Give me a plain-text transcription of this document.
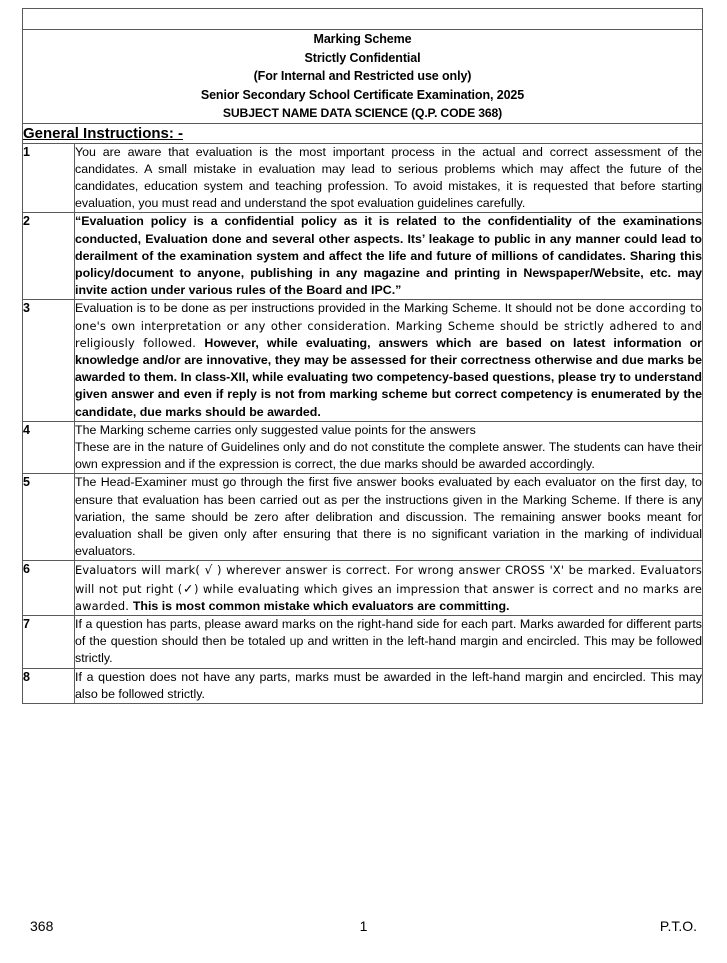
Marking Scheme
Strictly Confidential
(For Internal and Restricted use only)
Senior Secondary School Certificate Examination, 2025
SUBJECT NAME DATA SCIENCE (Q.P. CODE 368)	

General Instructions: -	
1	You are aware that evaluation is the most important process in the actual and correct assessment of the candidates. A small mistake in evaluation may lead to serious problems which may affect the future of the candidates, education system and teaching profession. To avoid mistakes, it is requested that before starting evaluation, you must read and understand the spot evaluation guidelines carefully.

2	“Evaluation policy is a confidential policy as it is related to the confidentiality of the examinations conducted, Evaluation done and several other aspects. Its’ leakage to public in any manner could lead to derailment of the examination system and affect the life and future of millions of candidates. Sharing this policy/document to anyone, publishing in any magazine and printing in Newspaper/Website, etc. may invite action under various rules of the Board and IPC.”

3	Evaluation is to be done as per instructions provided in the Marking Scheme. It should not be done according to one's own interpretation or any other consideration. Marking Scheme should be strictly adhered to and religiously followed. However, while evaluating, answers which are based on latest information or knowledge and/or are innovative, they may be assessed for their correctness otherwise and due marks be awarded to them. In class-XII, while evaluating two competency-based questions, please try to understand given answer and even if reply is not from marking scheme but correct competency is enumerated by the candidate, due marks should be awarded.

4	The Marking scheme carries only suggested value points for the answers

These are in the nature of Guidelines only and do not constitute the complete answer. The students can have their own expression and if the expression is correct, the due marks should be awarded accordingly.

5	The Head-Examiner must go through the first five answer books evaluated by each evaluator on the first day, to ensure that evaluation has been carried out as per the instructions given in the Marking Scheme. If there is any variation, the same should be zero after delibration and discussion. The remaining answer books meant for evaluation shall be given only after ensuring that there is no significant variation in the marking of individual evaluators.

6	Evaluators will mark( √ ) wherever answer is correct. For wrong answer CROSS 'X' be marked. Evaluators will not put right (✓) while evaluating which gives an impression that answer is correct and no marks are awarded. This is most common mistake which evaluators are committing.

7	If a question has parts, please award marks on the right-hand side for each part. Marks awarded for different parts of the question should then be totaled up and written in the left-hand margin and encircled. This may be followed strictly.

8	If a question does not have any parts, marks must be awarded in the left-hand margin and encircled. This may also be followed strictly.

368	1	P.T.O.
